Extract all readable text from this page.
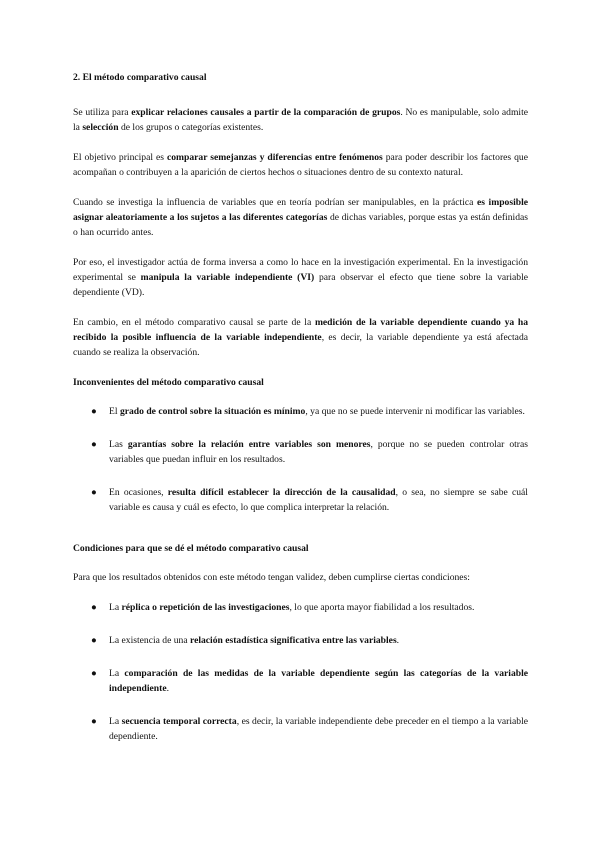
2. El método comparativo causal

Se utiliza para explicar relaciones causales a partir de la comparación de grupos. No es manipulable, solo admite la selección de los grupos o categorías existentes.

El objetivo principal es comparar semejanzas y diferencias entre fenómenos para poder describir los factores que acompañan o contribuyen a la aparición de ciertos hechos o situaciones dentro de su contexto natural.

Cuando se investiga la influencia de variables que en teoría podrían ser manipulables, en la práctica es imposible asignar aleatoriamente a los sujetos a las diferentes categorías de dichas variables, porque estas ya están definidas o han ocurrido antes.

Por eso, el investigador actúa de forma inversa a como lo hace en la investigación experimental. En la investigación experimental se manipula la variable independiente (VI) para observar el efecto que tiene sobre la variable dependiente (VD).

En cambio, en el método comparativo causal se parte de la medición de la variable dependiente cuando ya ha recibido la posible influencia de la variable independiente, es decir, la variable dependiente ya está afectada cuando se realiza la observación.

Inconvenientes del método comparativo causal
● El grado de control sobre la situación es mínimo, ya que no se puede intervenir ni modificar las variables.
● Las garantías sobre la relación entre variables son menores, porque no se pueden controlar otras variables que puedan influir en los resultados.
● En ocasiones, resulta difícil establecer la dirección de la causalidad, o sea, no siempre se sabe cuál variable es causa y cuál es efecto, lo que complica interpretar la relación.
Condiciones para que se dé el método comparativo causal

Para que los resultados obtenidos con este método tengan validez, deben cumplirse ciertas condiciones:

● La réplica o repetición de las investigaciones, lo que aporta mayor fiabilidad a los resultados.
● La existencia de una relación estadística significativa entre las variables.
● La comparación de las medidas de la variable dependiente según las categorías de la variable independiente.
● La secuencia temporal correcta, es decir, la variable independiente debe preceder en el tiempo a la variable dependiente.
